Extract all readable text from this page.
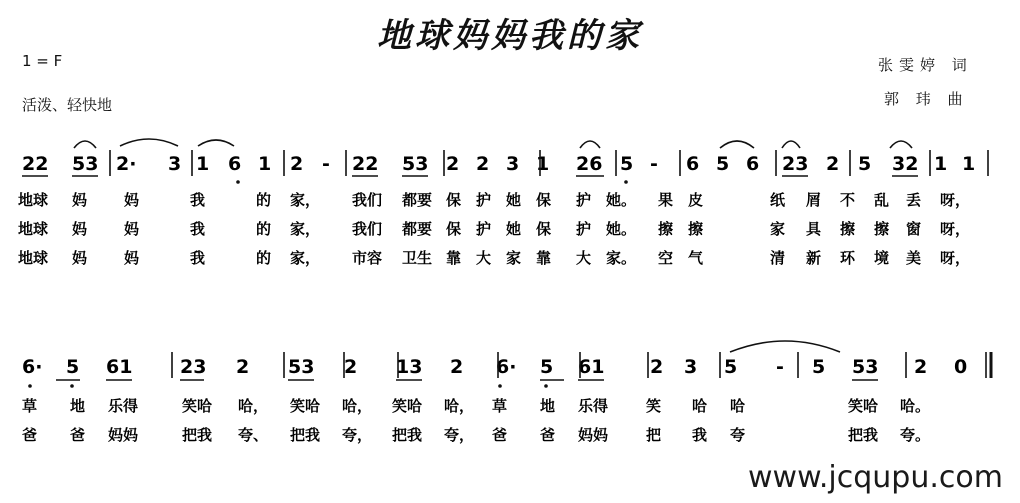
地球妈妈我的家
1 = F
活泼、轻快地
张雯婷 词
郭 玮 曲
22 53 2· 3 1 6 1 2 - 22 53 2 2 3 1 26 5 - 6 5 6 23 2 5 32 1 1
地球 妈 妈	我	的 家， 我们 都要 保 护 她 保 护 她。 果 皮	纸 屑 不 乱 丢 呀，
地球 妈 妈	我	的 家， 我们 都要 保 护 她 保 护 她。 擦 擦	家 具 擦 擦 窗 呀，
地球 妈 妈	我	的 家， 市容 卫生 靠 大 家 靠 大 家。 空 气	清 新 环 境 美 呀，
6· 5 61	23 2 53 2 13 2 6· 5 61 2 3 5 - 5 53 2 0
草 地 乐得	笑哈 哈， 笑哈 哈， 笑哈 哈， 草 地 乐得	笑 哈 哈	笑哈 哈。
爸 爸 妈妈	把我 夸、 把我 夸， 把我 夸， 爸 爸 妈妈	把 我 夸	把我 夸。
www.jcqupu.com
